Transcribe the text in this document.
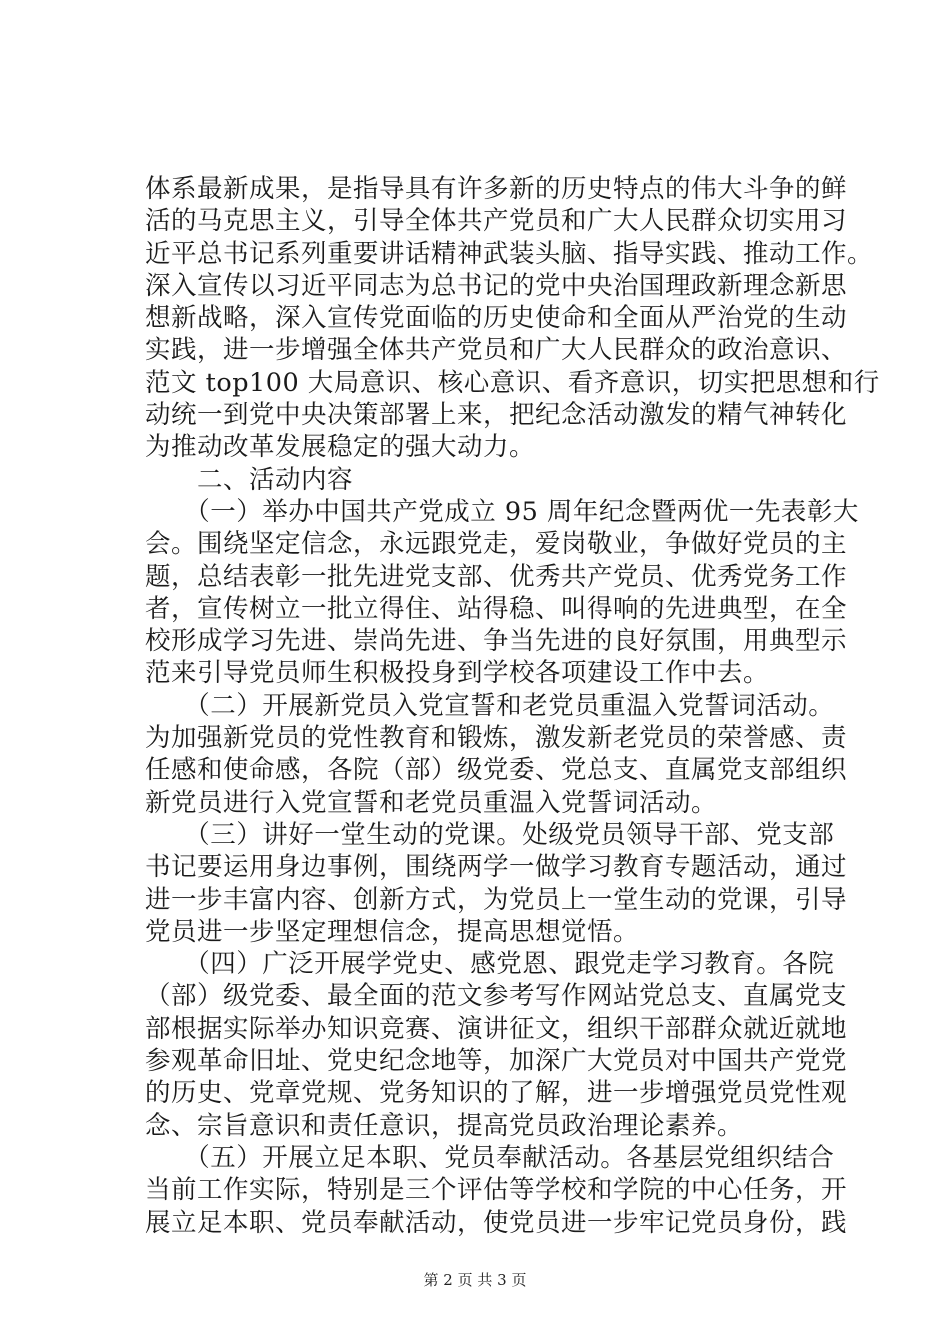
体系最新成果，是指导具有许多新的历史特点的伟大斗争的鲜
活的马克思主义，引导全体共产党员和广大人民群众切实用习
近平总书记系列重要讲话精神武装头脑、指导实践、推动工作。
深入宣传以习近平同志为总书记的党中央治国理政新理念新思
想新战略，深入宣传党面临的历史使命和全面从严治党的生动
实践，进一步增强全体共产党员和广大人民群众的政治意识、
范文 top100 大局意识、核心意识、看齐意识，切实把思想和行
动统一到党中央决策部署上来，把纪念活动激发的精气神转化
为推动改革发展稳定的强大动力。
　　二、活动内容
　　（一）举办中国共产党成立 95 周年纪念暨两优一先表彰大
会。围绕坚定信念，永远跟党走，爱岗敬业，争做好党员的主
题，总结表彰一批先进党支部、优秀共产党员、优秀党务工作
者，宣传树立一批立得住、站得稳、叫得响的先进典型，在全
校形成学习先进、崇尚先进、争当先进的良好氛围，用典型示
范来引导党员师生积极投身到学校各项建设工作中去。
　　（二）开展新党员入党宣誓和老党员重温入党誓词活动。
为加强新党员的党性教育和锻炼，激发新老党员的荣誉感、责
任感和使命感，各院（部）级党委、党总支、直属党支部组织
新党员进行入党宣誓和老党员重温入党誓词活动。
　　（三）讲好一堂生动的党课。处级党员领导干部、党支部
书记要运用身边事例，围绕两学一做学习教育专题活动，通过
进一步丰富内容、创新方式，为党员上一堂生动的党课，引导
党员进一步坚定理想信念，提高思想觉悟。
　　（四）广泛开展学党史、感党恩、跟党走学习教育。各院
（部）级党委、最全面的范文参考写作网站党总支、直属党支
部根据实际举办知识竞赛、演讲征文，组织干部群众就近就地
参观革命旧址、党史纪念地等，加深广大党员对中国共产党党
的历史、党章党规、党务知识的了解，进一步增强党员党性观
念、宗旨意识和责任意识，提高党员政治理论素养。
　　（五）开展立足本职、党员奉献活动。各基层党组织结合
当前工作实际，特别是三个评估等学校和学院的中心任务，开
展立足本职、党员奉献活动，使党员进一步牢记党员身份，践
第 2 页 共 3 页
